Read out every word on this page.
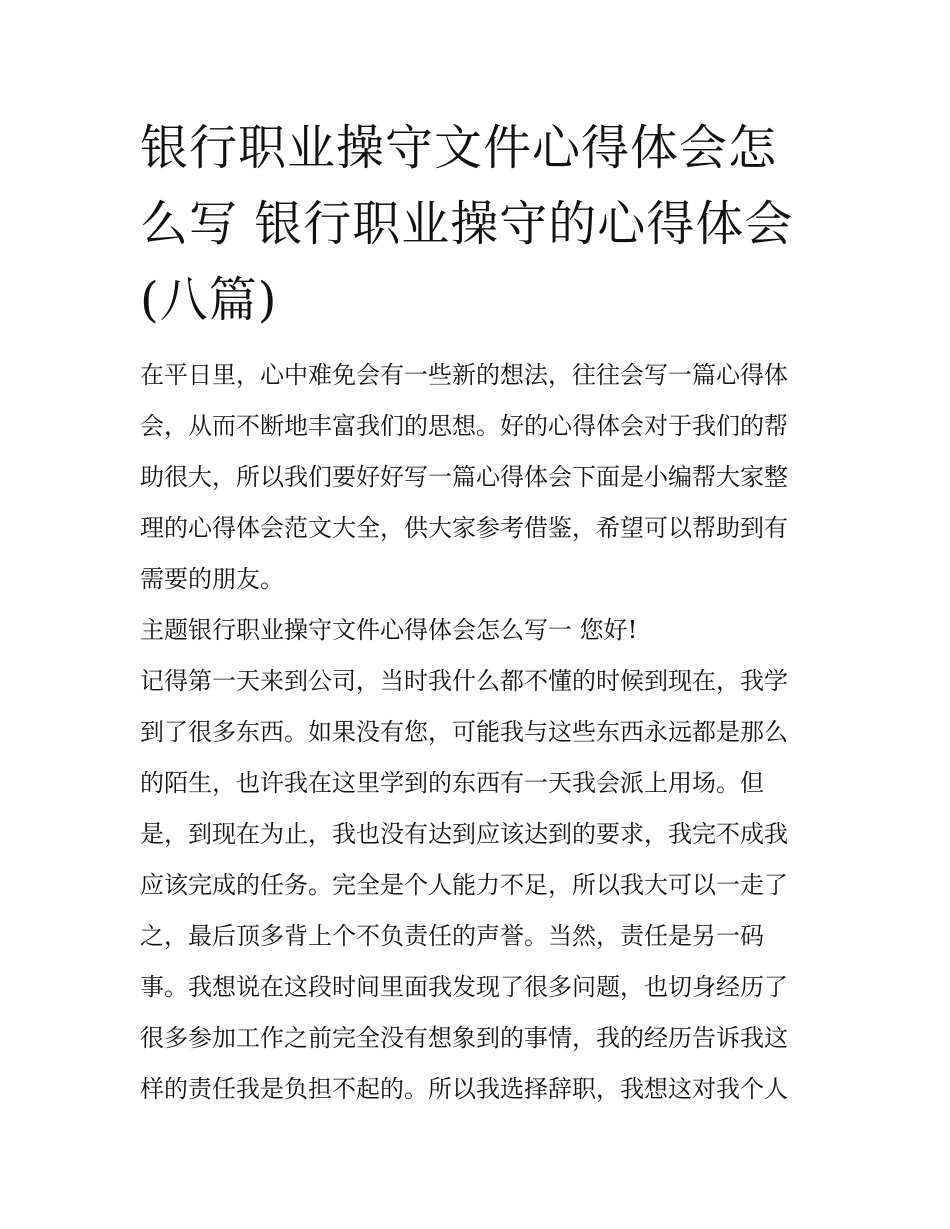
银行职业操守文件心得体会怎
么写 银行职业操守的心得体会
(八篇)
在平日里，心中难免会有一些新的想法，往往会写一篇心得体
会，从而不断地丰富我们的思想。好的心得体会对于我们的帮
助很大，所以我们要好好写一篇心得体会下面是小编帮大家整
理的心得体会范文大全，供大家参考借鉴，希望可以帮助到有
需要的朋友。
主题银行职业操守文件心得体会怎么写一 您好!
记得第一天来到公司，当时我什么都不懂的时候到现在，我学
到了很多东西。如果没有您，可能我与这些东西永远都是那么
的陌生，也许我在这里学到的东西有一天我会派上用场。但
是，到现在为止，我也没有达到应该达到的要求，我完不成我
应该完成的任务。完全是个人能力不足，所以我大可以一走了
之，最后顶多背上个不负责任的声誉。当然，责任是另一码
事。我想说在这段时间里面我发现了很多问题，也切身经历了
很多参加工作之前完全没有想象到的事情，我的经历告诉我这
样的责任我是负担不起的。所以我选择辞职，我想这对我个人
